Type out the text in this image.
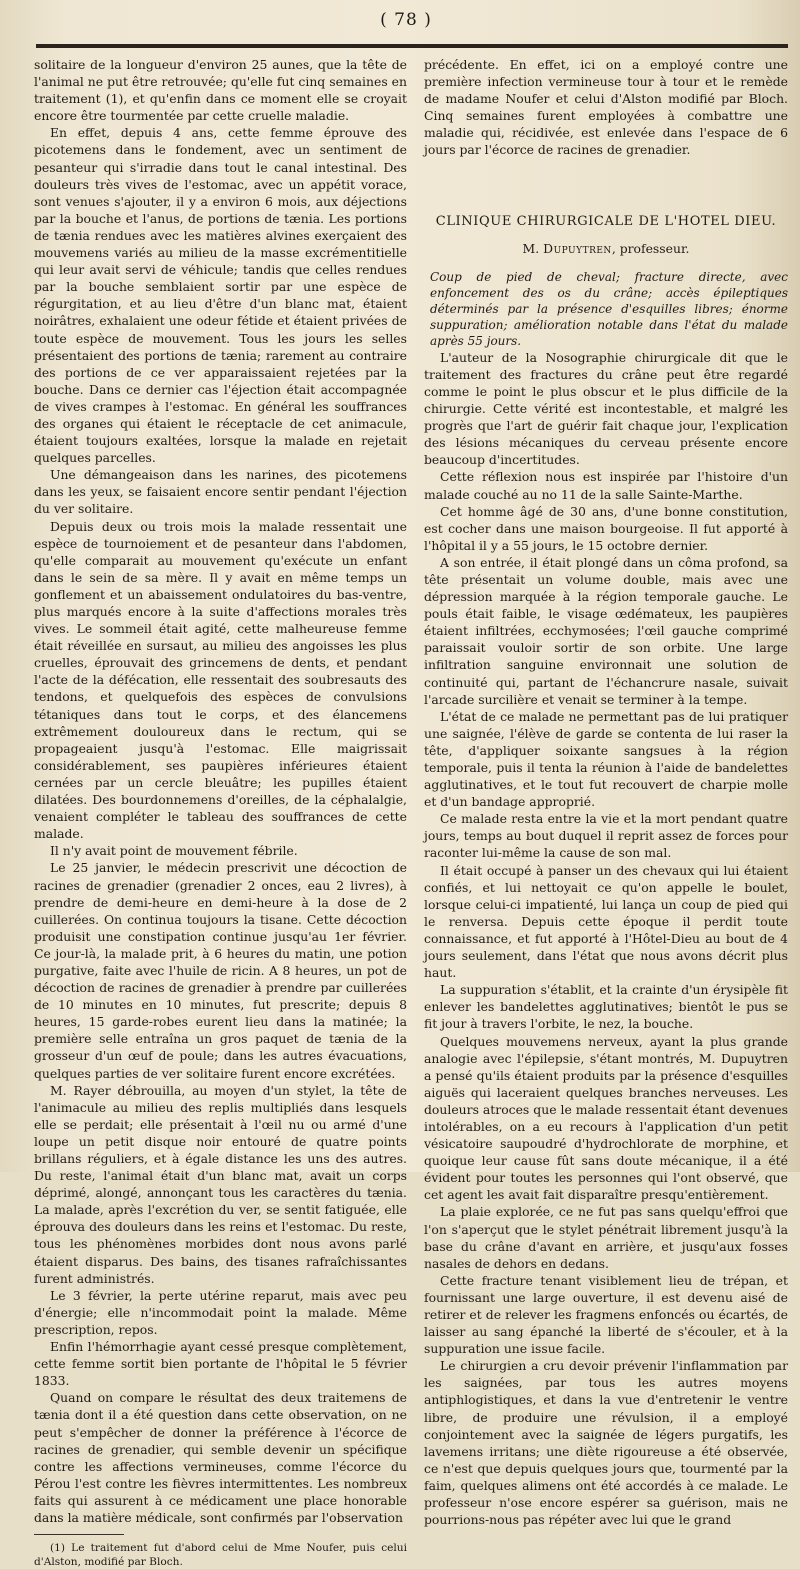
( 78 )

solitaire de la longueur d'environ 25 aunes, que la tête de l'animal ne put être retrouvée; qu'elle fut cinq semaines en traitement (1), et qu'enfin dans ce moment elle se croyait encore être tourmentée par cette cruelle maladie.

En effet, depuis 4 ans, cette femme éprouve des picotemens dans le fondement, avec un sentiment de pesanteur qui s'irradie dans tout le canal intestinal. Des douleurs très vives de l'estomac, avec un appétit vorace, sont venues s'ajouter, il y a environ 6 mois, aux déjections par la bouche et l'anus, de portions de tænia. Les portions de tænia rendues avec les matières alvines exerçaient des mouvemens variés au milieu de la masse excrémentitielle qui leur avait servi de véhicule; tandis que celles rendues par la bouche semblaient sortir par une espèce de régurgitation, et au lieu d'être d'un blanc mat, étaient noirâtres, exhalaient une odeur fétide et étaient privées de toute espèce de mouvement. Tous les jours les selles présentaient des portions de tænia; rarement au contraire des portions de ce ver apparaissaient rejetées par la bouche. Dans ce dernier cas l'éjection était accompagnée de vives crampes à l'estomac. En général les souffrances des organes qui étaient le réceptacle de cet animacule, étaient toujours exaltées, lorsque la malade en rejetait quelques parcelles.

Une démangeaison dans les narines, des picotemens dans les yeux, se faisaient encore sentir pendant l'éjection du ver solitaire.

Depuis deux ou trois mois la malade ressentait une espèce de tournoiement et de pesanteur dans l'abdomen, qu'elle comparait au mouvement qu'exécute un enfant dans le sein de sa mère. Il y avait en même temps un gonflement et un abaissement ondulatoires du bas-ventre, plus marqués encore à la suite d'affections morales très vives. Le sommeil était agité, cette malheureuse femme était réveillée en sursaut, au milieu des angoisses les plus cruelles, éprouvait des grincemens de dents, et pendant l'acte de la défécation, elle ressentait des soubresauts des tendons, et quelquefois des espèces de convulsions tétaniques dans tout le corps, et des élancemens extrêmement douloureux dans le rectum, qui se propageaient jusqu'à l'estomac. Elle maigrissait considérablement, ses paupières inférieures étaient cernées par un cercle bleuâtre; les pupilles étaient dilatées. Des bourdonnemens d'oreilles, de la céphalalgie, venaient compléter le tableau des souffrances de cette malade.

Il n'y avait point de mouvement fébrile.

Le 25 janvier, le médecin prescrivit une décoction de racines de grenadier (grenadier 2 onces, eau 2 livres), à prendre de demi-heure en demi-heure à la dose de 2 cuillerées. On continua toujours la tisane. Cette décoction produisit une constipation continue jusqu'au 1er février. Ce jour-là, la malade prit, à 6 heures du matin, une potion purgative, faite avec l'huile de ricin. A 8 heures, un pot de décoction de racines de grenadier à prendre par cuillerées de 10 minutes en 10 minutes, fut prescrite; depuis 8 heures, 15 garde-robes eurent lieu dans la matinée; la première selle entraîna un gros paquet de tænia de la grosseur d'un œuf de poule; dans les autres évacuations, quelques parties de ver solitaire furent encore excrétées.

M. Rayer débrouilla, au moyen d'un stylet, la tête de l'animacule au milieu des replis multipliés dans lesquels elle se perdait; elle présentait à l'œil nu ou armé d'une loupe un petit disque noir entouré de quatre points brillans réguliers, et à égale distance les uns des autres. Du reste, l'animal était d'un blanc mat, avait un corps déprimé, alongé, annonçant tous les caractères du tænia. La malade, après l'excrétion du ver, se sentit fatiguée, elle éprouva des douleurs dans les reins et l'estomac. Du reste, tous les phénomènes morbides dont nous avons parlé étaient disparus. Des bains, des tisanes rafraîchissantes furent administrés.

Le 3 février, la perte utérine reparut, mais avec peu d'énergie; elle n'incommodait point la malade. Même prescription, repos.

Enfin l'hémorrhagie ayant cessé presque complètement, cette femme sortit bien portante de l'hôpital le 5 février 1833.

Quand on compare le résultat des deux traitemens de tænia dont il a été question dans cette observation, on ne peut s'empêcher de donner la préférence à l'écorce de racines de grenadier, qui semble devenir un spécifique contre les affections vermineuses, comme l'écorce du Pérou l'est contre les fièvres intermittentes. Les nombreux faits qui assurent à ce médicament une place honorable dans la matière médicale, sont confirmés par l'observation

(1) Le traitement fut d'abord celui de Mme Noufer, puis celui d'Alston, modifié par Bloch.

précédente. En effet, ici on a employé contre une première infection vermineuse tour à tour et le remède de madame Noufer et celui d'Alston modifié par Bloch. Cinq semaines furent employées à combattre une maladie qui, récidivée, est enlevée dans l'espace de 6 jours par l'écorce de racines de grenadier.

CLINIQUE CHIRURGICALE DE L'HOTEL DIEU.
M. Dupuytren, professeur.

Coup de pied de cheval; fracture directe, avec enfoncement des os du crâne; accès épileptiques déterminés par la présence d'esquilles libres; énorme suppuration; amélioration notable dans l'état du malade après 55 jours.

L'auteur de la Nosographie chirurgicale dit que le traitement des fractures du crâne peut être regardé comme le point le plus obscur et le plus difficile de la chirurgie. Cette vérité est incontestable, et malgré les progrès que l'art de guérir fait chaque jour, l'explication des lésions mécaniques du cerveau présente encore beaucoup d'incertitudes.

Cette réflexion nous est inspirée par l'histoire d'un malade couché au no 11 de la salle Sainte-Marthe.

Cet homme âgé de 30 ans, d'une bonne constitution, est cocher dans une maison bourgeoise. Il fut apporté à l'hôpital il y a 55 jours, le 15 octobre dernier.

A son entrée, il était plongé dans un côma profond, sa tête présentait un volume double, mais avec une dépression marquée à la région temporale gauche. Le pouls était faible, le visage œdémateux, les paupières étaient infiltrées, ecchymosées; l'œil gauche comprimé paraissait vouloir sortir de son orbite. Une large infiltration sanguine environnait une solution de continuité qui, partant de l'échancrure nasale, suivait l'arcade surcilière et venait se terminer à la tempe.

L'état de ce malade ne permettant pas de lui pratiquer une saignée, l'élève de garde se contenta de lui raser la tête, d'appliquer soixante sangsues à la région temporale, puis il tenta la réunion à l'aide de bandelettes agglutinatives, et le tout fut recouvert de charpie molle et d'un bandage approprié.

Ce malade resta entre la vie et la mort pendant quatre jours, temps au bout duquel il reprit assez de forces pour raconter lui-même la cause de son mal.

Il était occupé à panser un des chevaux qui lui étaient confiés, et lui nettoyait ce qu'on appelle le boulet, lorsque celui-ci impatienté, lui lança un coup de pied qui le renversa. Depuis cette époque il perdit toute connaissance, et fut apporté à l'Hôtel-Dieu au bout de 4 jours seulement, dans l'état que nous avons décrit plus haut.

La suppuration s'établit, et la crainte d'un érysipèle fit enlever les bandelettes agglutinatives; bientôt le pus se fit jour à travers l'orbite, le nez, la bouche.

Quelques mouvemens nerveux, ayant la plus grande analogie avec l'épilepsie, s'étant montrés, M. Dupuytren a pensé qu'ils étaient produits par la présence d'esquilles aiguës qui laceraient quelques branches nerveuses. Les douleurs atroces que le malade ressentait étant devenues intolérables, on a eu recours à l'application d'un petit vésicatoire saupoudré d'hydrochlorate de morphine, et quoique leur cause fût sans doute mécanique, il a été évident pour toutes les personnes qui l'ont observé, que cet agent les avait fait disparaître presqu'entièrement.

La plaie explorée, ce ne fut pas sans quelqu'effroi que l'on s'aperçut que le stylet pénétrait librement jusqu'à la base du crâne d'avant en arrière, et jusqu'aux fosses nasales de dehors en dedans.

Cette fracture tenant visiblement lieu de trépan, et fournissant une large ouverture, il est devenu aisé de retirer et de relever les fragmens enfoncés ou écartés, de laisser au sang épanché la liberté de s'écouler, et à la suppuration une issue facile.

Le chirurgien a cru devoir prévenir l'inflammation par les saignées, par tous les autres moyens antiphlogistiques, et dans la vue d'entretenir le ventre libre, de produire une révulsion, il a employé conjointement avec la saignée de légers purgatifs, les lavemens irritans; une diète rigoureuse a été observée, ce n'est que depuis quelques jours que, tourmenté par la faim, quelques alimens ont été accordés à ce malade. Le professeur n'ose encore espérer sa guérison, mais ne pourrions-nous pas répéter avec lui que le grand
